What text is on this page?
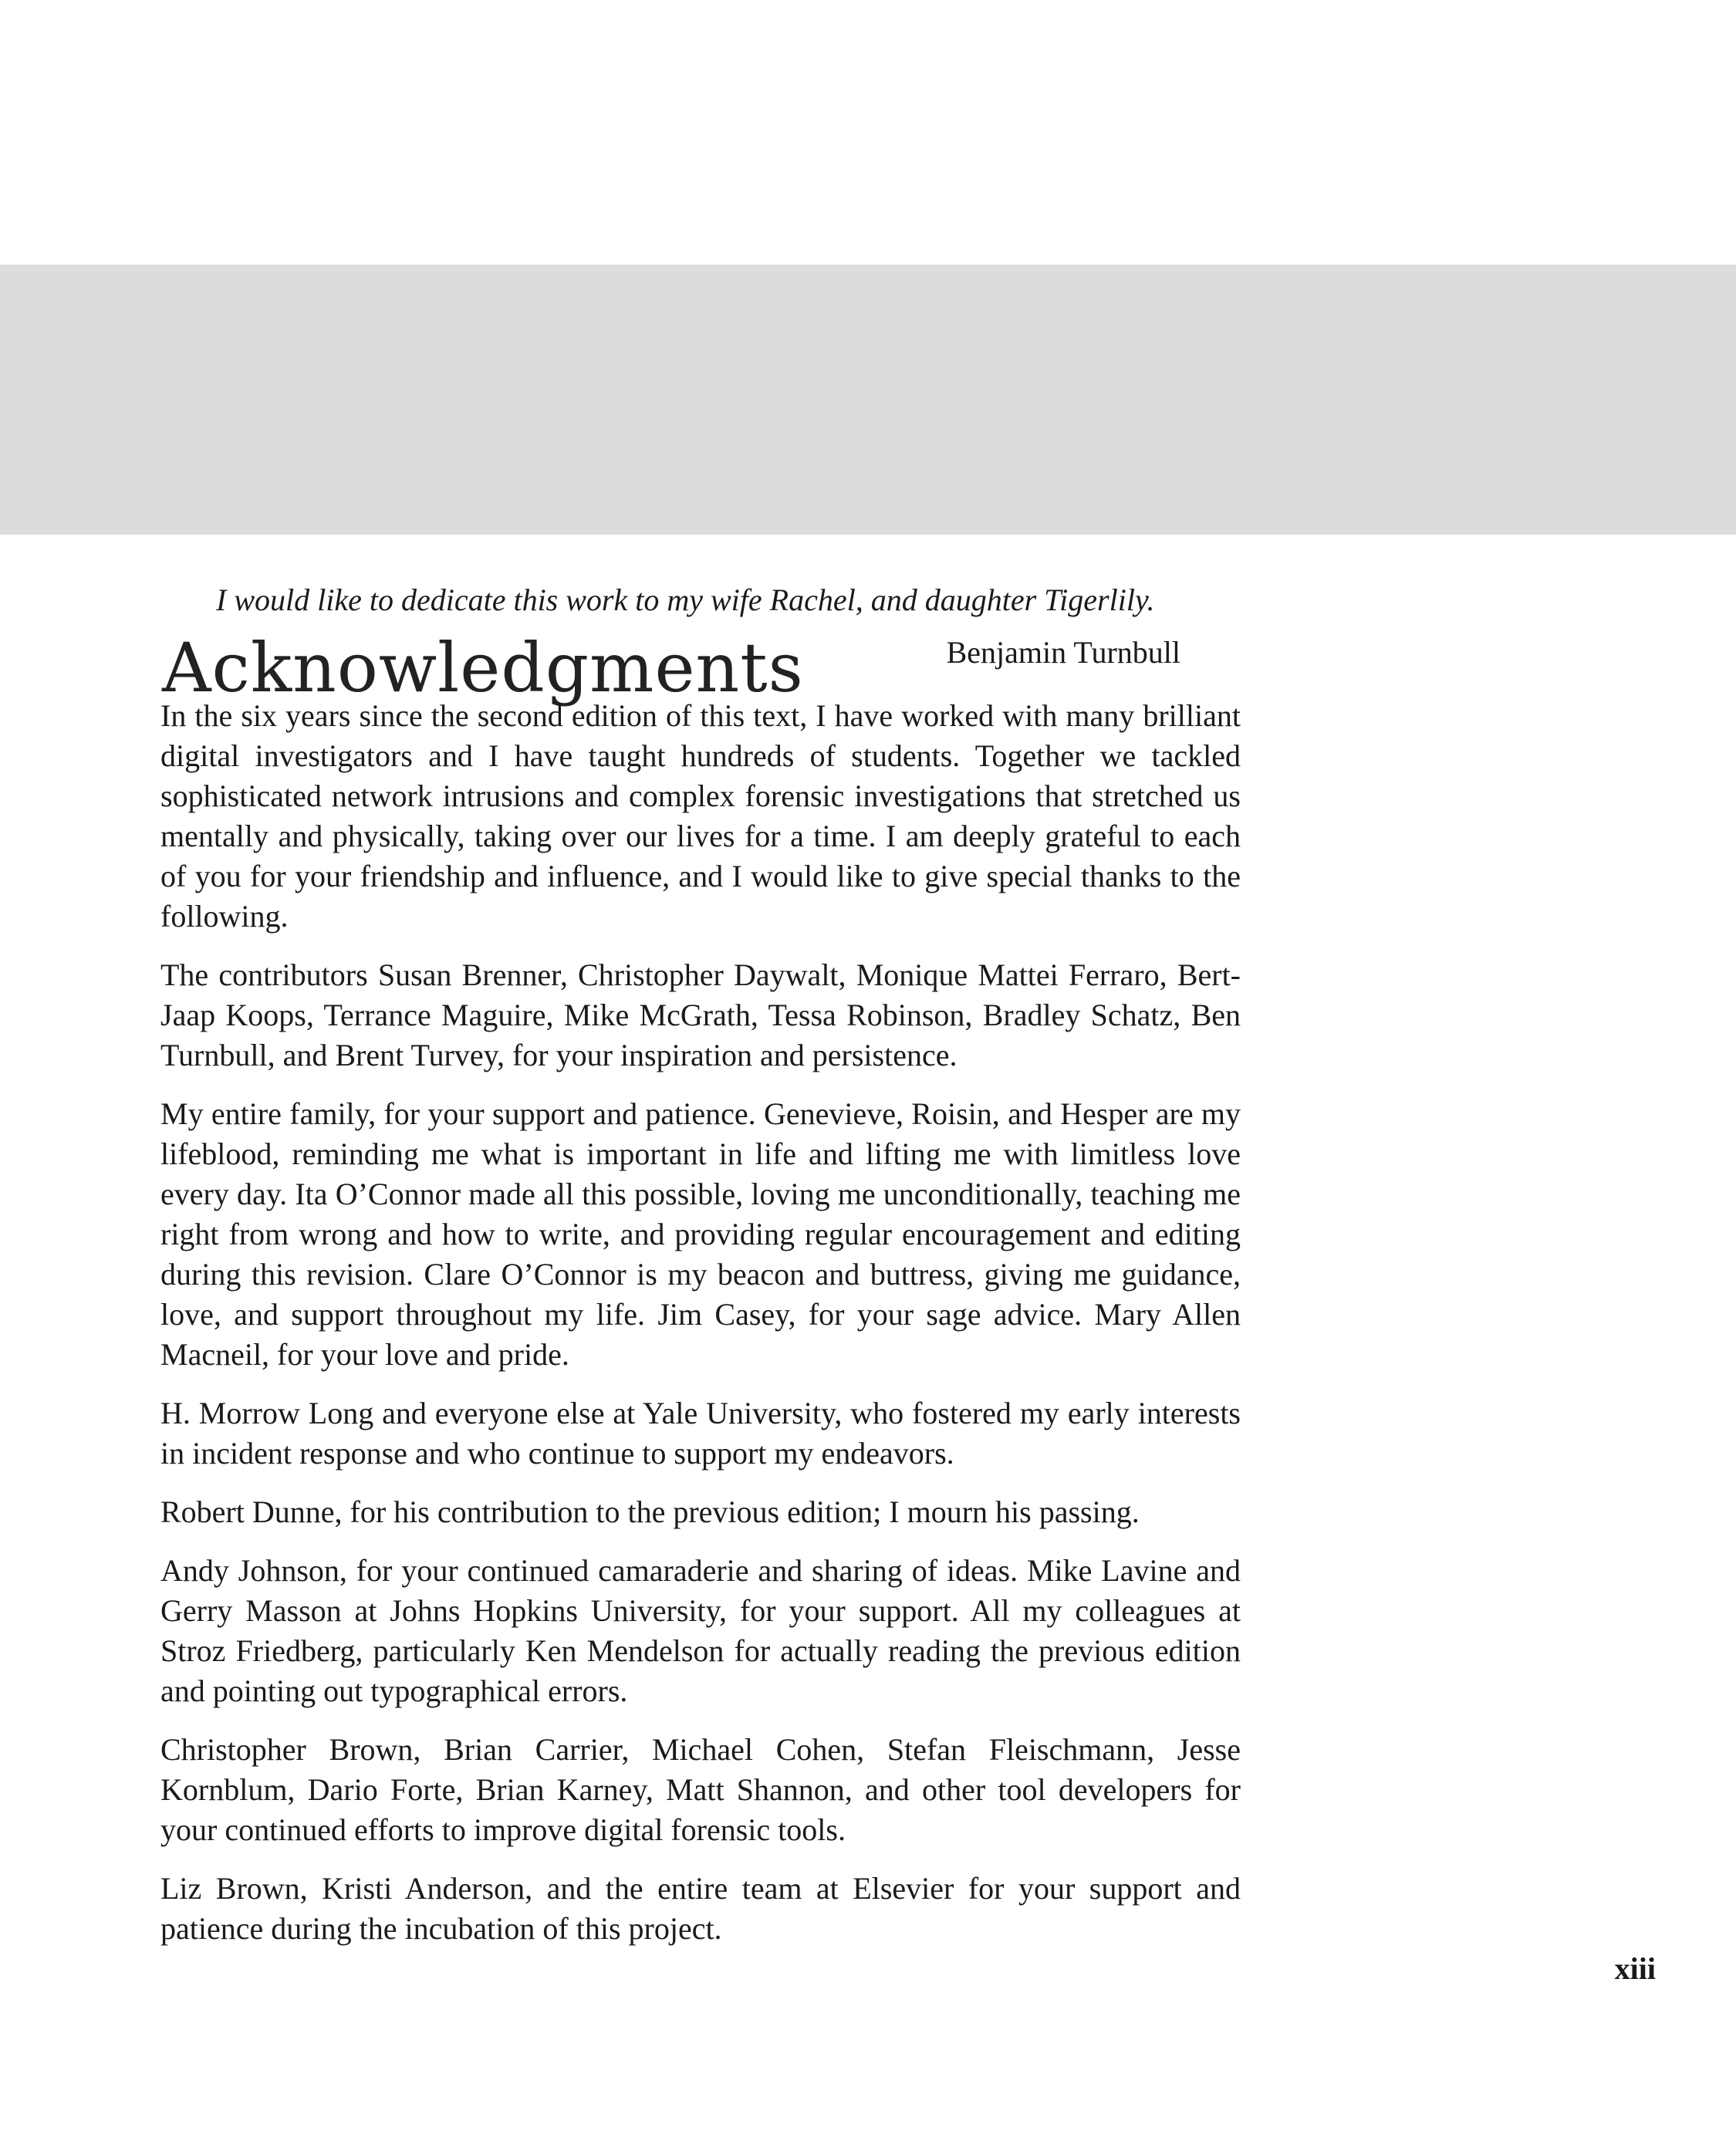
Acknowledgments

I would like to dedicate this work to my wife Rachel, and daughter Tigerlily.

Benjamin Turnbull

In the six years since the second edition of this text, I have worked with many brilliant digital investigators and I have taught hundreds of students. Together we tackled sophisticated network intrusions and complex forensic investigations that stretched us mentally and physically, taking over our lives for a time. I am deeply grateful to each of you for your friendship and influence, and I would like to give special thanks to the following.

The contributors Susan Brenner, Christopher Daywalt, Monique Mattei Ferraro, Bert-Jaap Koops, Terrance Maguire, Mike McGrath, Tessa Robinson, Bradley Schatz, Ben Turnbull, and Brent Turvey, for your inspiration and persistence.

My entire family, for your support and patience. Genevieve, Roisin, and Hesper are my lifeblood, reminding me what is important in life and lifting me with limitless love every day. Ita O’Connor made all this possible, loving me unconditionally, teaching me right from wrong and how to write, and providing regular encouragement and editing during this revision. Clare O’Connor is my beacon and buttress, giving me guidance, love, and support throughout my life. Jim Casey, for your sage advice. Mary Allen Macneil, for your love and pride.

H. Morrow Long and everyone else at Yale University, who fostered my early interests in incident response and who continue to support my endeavors.

Robert Dunne, for his contribution to the previous edition; I mourn his passing.

Andy Johnson, for your continued camaraderie and sharing of ideas. Mike Lavine and Gerry Masson at Johns Hopkins University, for your support. All my colleagues at Stroz Friedberg, particularly Ken Mendelson for actually reading the previous edition and pointing out typographical errors.

Christopher Brown, Brian Carrier, Michael Cohen, Stefan Fleischmann, Jesse Kornblum, Dario Forte, Brian Karney, Matt Shannon, and other tool developers for your continued efforts to improve digital forensic tools.

Liz Brown, Kristi Anderson, and the entire team at Elsevier for your support and patience during the incubation of this project.

xiii
